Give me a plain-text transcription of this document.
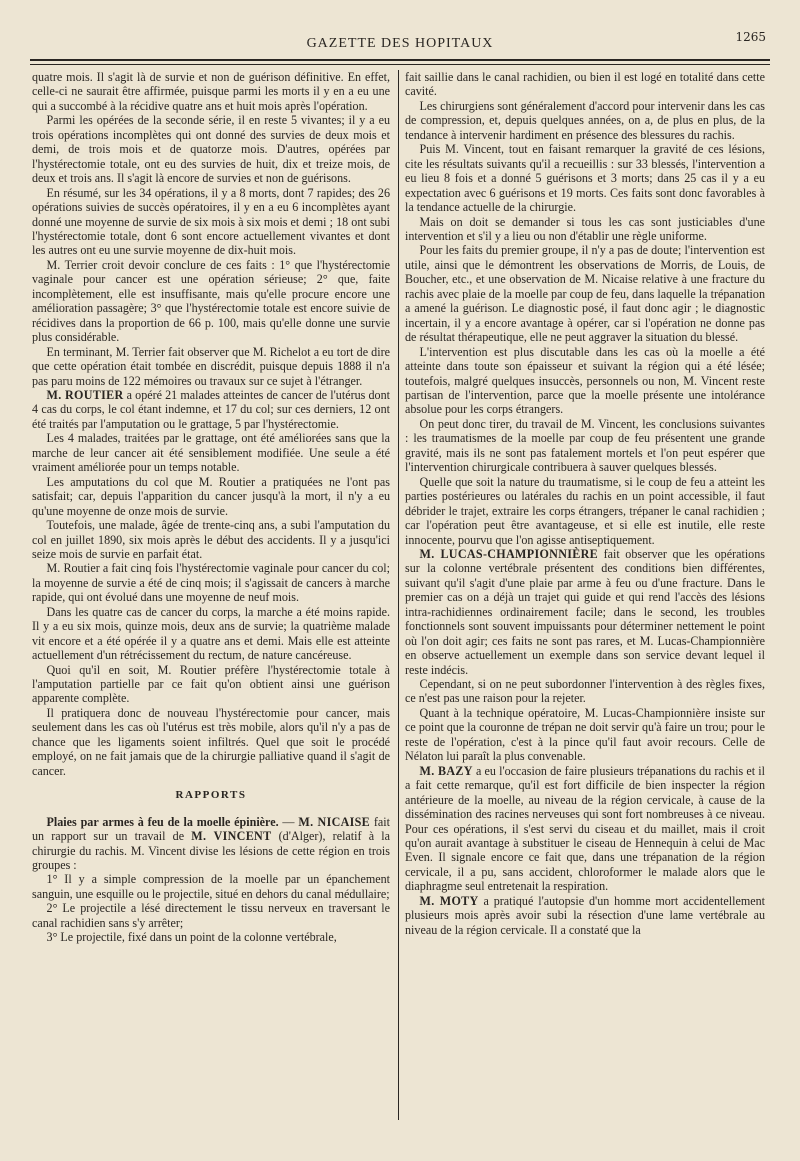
GAZETTE DES HOPITAUX	1265

quatre mois. Il s'agit là de survie et non de guérison définitive. En effet, celle-ci ne saurait être affirmée, puisque parmi les morts il y en a eu une qui a succombé à la récidive quatre ans et huit mois après l'opération.

Parmi les opérées de la seconde série, il en reste 5 vivantes; il y a eu trois opérations incomplètes qui ont donné des survies de deux mois et demi, de trois mois et de quatorze mois. D'autres, opérées par l'hystérectomie totale, ont eu des survies de huit, dix et treize mois, de deux et trois ans. Il s'agit là encore de survies et non de guérisons.

En résumé, sur les 34 opérations, il y a 8 morts, dont 7 rapides; des 26 opérations suivies de succès opératoires, il y en a eu 6 incomplètes ayant donné une moyenne de survie de six mois à six mois et demi ; 18 ont subi l'hystérectomie totale, dont 6 sont encore actuellement vivantes et dont les autres ont eu une survie moyenne de dix-huit mois.

M. Terrier croit devoir conclure de ces faits : 1° que l'hystérectomie vaginale pour cancer est une opération sérieuse; 2° que, faite incomplètement, elle est insuffisante, mais qu'elle procure encore une amélioration passagère; 3° que l'hystérectomie totale est encore suivie de récidives dans la proportion de 66 p. 100, mais qu'elle donne une survie plus considérable.

En terminant, M. Terrier fait observer que M. Richelot a eu tort de dire que cette opération était tombée en discrédit, puisque depuis 1888 il n'a pas paru moins de 122 mémoires ou travaux sur ce sujet à l'étranger.

M. ROUTIER a opéré 21 malades atteintes de cancer de l'utérus dont 4 cas du corps, le col étant indemne, et 17 du col; sur ces derniers, 12 ont été traités par l'amputation ou le grattage, 5 par l'hystérectomie.

Les 4 malades, traitées par le grattage, ont été améliorées sans que la marche de leur cancer ait été sensiblement modifiée. Une seule a été vraiment améliorée pour un temps notable.

Les amputations du col que M. Routier a pratiquées ne l'ont pas satisfait; car, depuis l'apparition du cancer jusqu'à la mort, il n'y a eu qu'une moyenne de onze mois de survie.

Toutefois, une malade, âgée de trente-cinq ans, a subi l'amputation du col en juillet 1890, six mois après le début des accidents. Il y a jusqu'ici seize mois de survie en parfait état.

M. Routier a fait cinq fois l'hystérectomie vaginale pour cancer du col; la moyenne de survie a été de cinq mois; il s'agissait de cancers à marche rapide, qui ont évolué dans une moyenne de neuf mois.

Dans les quatre cas de cancer du corps, la marche a été moins rapide. Il y a eu six mois, quinze mois, deux ans de survie; la quatrième malade vit encore et a été opérée il y a quatre ans et demi. Mais elle est atteinte actuellement d'un rétrécissement du rectum, de nature cancéreuse.

Quoi qu'il en soit, M. Routier préfère l'hystérectomie totale à l'amputation partielle par ce fait qu'on obtient ainsi une guérison apparente complète.

Il pratiquera donc de nouveau l'hystérectomie pour cancer, mais seulement dans les cas où l'utérus est très mobile, alors qu'il n'y a pas de chance que les ligaments soient infiltrés. Quel que soit le procédé employé, on ne fait jamais que de la chirurgie palliative quand il s'agit de cancer.

RAPPORTS

Plaies par armes à feu de la moelle épinière. — M. NICAISE fait un rapport sur un travail de M. VINCENT (d'Alger), relatif à la chirurgie du rachis. M. Vincent divise les lésions de cette région en trois groupes :

1° Il y a simple compression de la moelle par un épanchement sanguin, une esquille ou le projectile, situé en dehors du canal médullaire;

2° Le projectile a lésé directement le tissu nerveux en traversant le canal rachidien sans s'y arrêter;

3° Le projectile, fixé dans un point de la colonne vertébrale,

fait saillie dans le canal rachidien, ou bien il est logé en totalité dans cette cavité.

Les chirurgiens sont généralement d'accord pour intervenir dans les cas de compression, et, depuis quelques années, on a, de plus en plus, de la tendance à intervenir hardiment en présence des blessures du rachis.

Puis M. Vincent, tout en faisant remarquer la gravité de ces lésions, cite les résultats suivants qu'il a recueillis : sur 33 blessés, l'intervention a eu lieu 8 fois et a donné 5 guérisons et 3 morts; dans 25 cas il y a eu expectation avec 6 guérisons et 19 morts. Ces faits sont donc favorables à la tendance actuelle de la chirurgie.

Mais on doit se demander si tous les cas sont justiciables d'une intervention et s'il y a lieu ou non d'établir une règle uniforme.

Pour les faits du premier groupe, il n'y a pas de doute; l'intervention est utile, ainsi que le démontrent les observations de Morris, de Louis, de Boucher, etc., et une observation de M. Nicaise relative à une fracture du rachis avec plaie de la moelle par coup de feu, dans laquelle la trépanation a amené la guérison. Le diagnostic posé, il faut donc agir ; le diagnostic incertain, il y a encore avantage à opérer, car si l'opération ne donne pas de résultat thérapeutique, elle ne peut aggraver la situation du blessé.

L'intervention est plus discutable dans les cas où la moelle a été atteinte dans toute son épaisseur et suivant la région qui a été lésée; toutefois, malgré quelques insuccès, personnels ou non, M. Vincent reste partisan de l'intervention, parce que la moelle présente une intolérance absolue pour les corps étrangers.

On peut donc tirer, du travail de M. Vincent, les conclusions suivantes : les traumatismes de la moelle par coup de feu présentent une grande gravité, mais ils ne sont pas fatalement mortels et l'on peut espérer que l'intervention chirurgicale contribuera à sauver quelques blessés.

Quelle que soit la nature du traumatisme, si le coup de feu a atteint les parties postérieures ou latérales du rachis en un point accessible, il faut débrider le trajet, extraire les corps étrangers, trépaner le canal rachidien ; car l'opération peut être avantageuse, et si elle est inutile, elle reste innocente, pourvu que l'on agisse antiseptiquement.

M. LUCAS-CHAMPIONNIÈRE fait observer que les opérations sur la colonne vertébrale présentent des conditions bien différentes, suivant qu'il s'agit d'une plaie par arme à feu ou d'une fracture. Dans le premier cas on a déjà un trajet qui guide et qui rend l'accès des lésions intra-rachidiennes ordinairement facile; dans le second, les troubles fonctionnels sont souvent impuissants pour déterminer nettement le point où l'on doit agir; ces faits ne sont pas rares, et M. Lucas-Championnière en observe actuellement un exemple dans son service devant lequel il reste indécis.

Cependant, si on ne peut subordonner l'intervention à des règles fixes, ce n'est pas une raison pour la rejeter.

Quant à la technique opératoire, M. Lucas-Championnière insiste sur ce point que la couronne de trépan ne doit servir qu'à faire un trou; pour le reste de l'opération, c'est à la pince qu'il faut avoir recours. Celle de Nélaton lui paraît la plus convenable.

M. BAZY a eu l'occasion de faire plusieurs trépanations du rachis et il a fait cette remarque, qu'il est fort difficile de bien inspecter la région antérieure de la moelle, au niveau de la région cervicale, à cause de la dissémination des racines nerveuses qui sont fort nombreuses à ce niveau. Pour ces opérations, il s'est servi du ciseau et du maillet, mais il croit qu'on aurait avantage à substituer le ciseau de Hennequin à celui de Mac Even. Il signale encore ce fait que, dans une trépanation de la région cervicale, il a pu, sans accident, chloroformer le malade alors que le diaphragme seul entretenait la respiration.

M. MOTY a pratiqué l'autopsie d'un homme mort accidentellement plusieurs mois après avoir subi la résection d'une lame vertébrale au niveau de la région cervicale. Il a constaté que la
